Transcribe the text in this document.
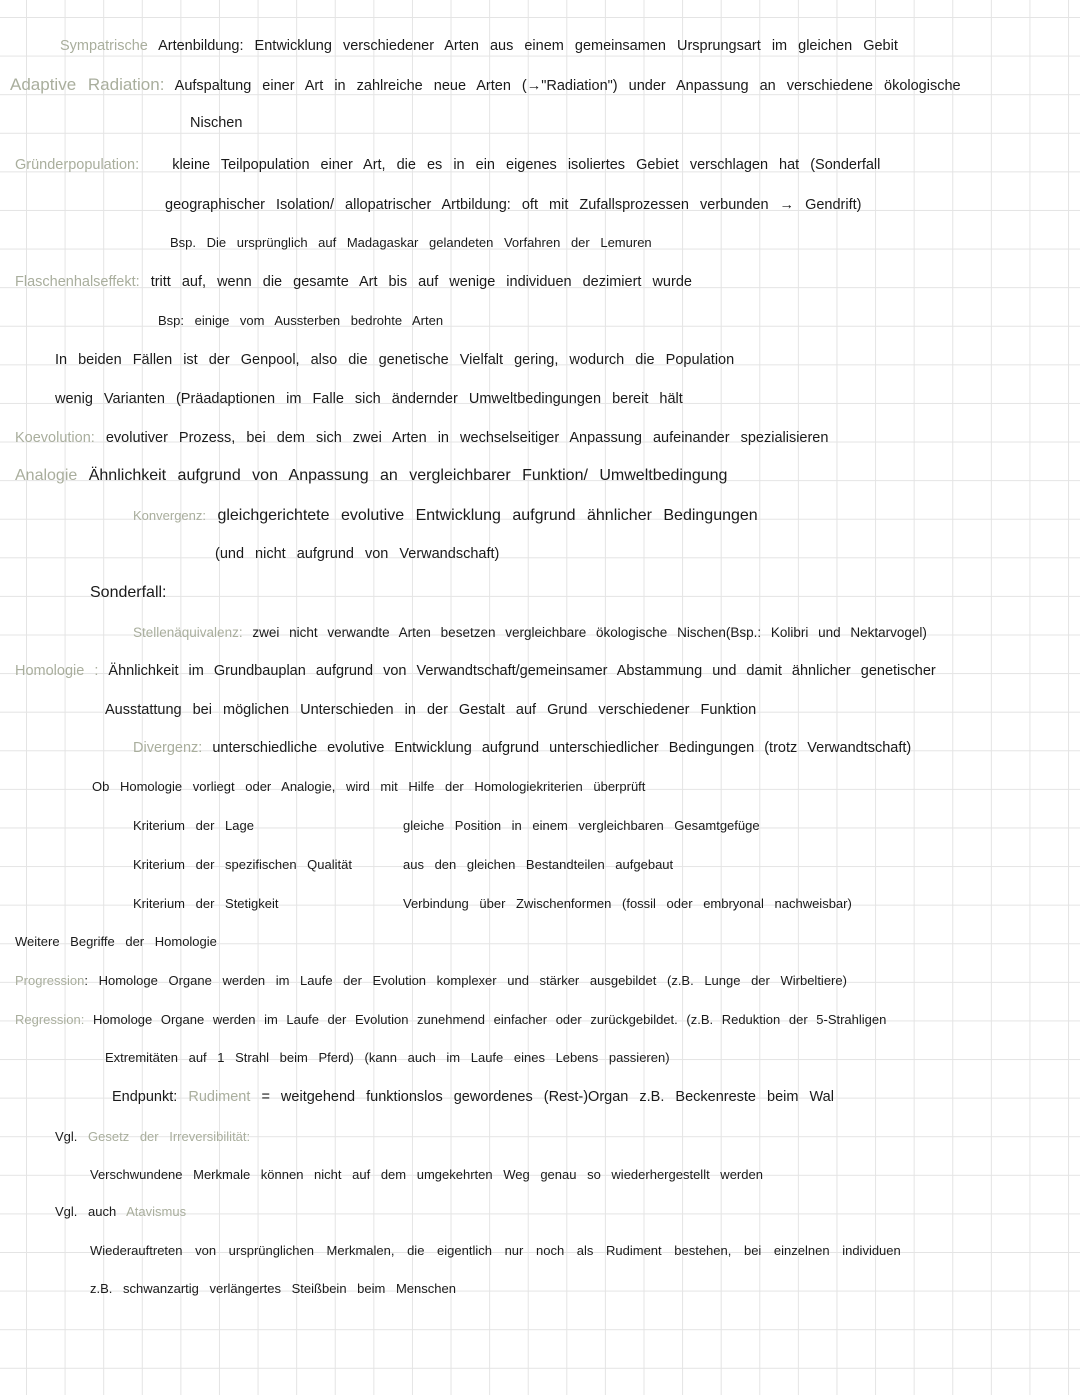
Sympatrische Artenbildung: Entwicklung verschiedener Arten aus einem gemeinsamen Ursprungsart im gleichen Gebit
Adaptive Radiation: Aufspaltung einer Art in zahlreiche neue Arten (→"Radiation") under Anpassung an verschiedene ökologische
Nischen
Gründerpopulation: kleine Teilpopulation einer Art, die es in ein eigenes isoliertes Gebiet verschlagen hat (Sonderfall
geographischer Isolation/ allopatrischer Artbildung: oft mit Zufallsprozessen verbunden → Gendrift)
Bsp. Die ursprünglich auf Madagaskar gelandeten Vorfahren der Lemuren
Flaschenhalseffekt: tritt auf, wenn die gesamte Art bis auf wenige individuen dezimiert wurde
Bsp: einige vom Aussterben bedrohte Arten
In beiden Fällen ist der Genpool, also die genetische Vielfalt gering, wodurch die Population
wenig Varianten (Präadaptionen im Falle sich ändernder Umweltbedingungen bereit hält
Koevolution: evolutiver Prozess, bei dem sich zwei Arten in wechselseitiger Anpassung aufeinander spezialisieren
Analogie Ähnlichkeit aufgrund von Anpassung an vergleichbarer Funktion/ Umweltbedingung
Konvergenz: gleichgerichtete evolutive Entwicklung aufgrund ähnlicher Bedingungen
(und nicht aufgrund von Verwandschaft)
Sonderfall:
Stellenäquivalenz: zwei nicht verwandte Arten besetzen vergleichbare ökologische Nischen(Bsp.: Kolibri und Nektarvogel)
Homologie : Ähnlichkeit im Grundbauplan aufgrund von Verwandtschaft/gemeinsamer Abstammung und damit ähnlicher genetischer
Ausstattung bei möglichen Unterschieden in der Gestalt auf Grund verschiedener Funktion
Divergenz: unterschiedliche evolutive Entwicklung aufgrund unterschiedlicher Bedingungen (trotz Verwandtschaft)
Ob Homologie vorliegt oder Analogie, wird mit Hilfe der Homologiekriterien überprüft
Kriterium der Lage	gleiche Position in einem vergleichbaren Gesamtgefüge
Kriterium der spezifischen Qualität	aus den gleichen Bestandteilen aufgebaut
Kriterium der Stetigkeit	Verbindung über Zwischenformen (fossil oder embryonal nachweisbar)
Weitere Begriffe der Homologie
Progression: Homologe Organe werden im Laufe der Evolution komplexer und stärker ausgebildet (z.B. Lunge der Wirbeltiere)
Regression: Homologe Organe werden im Laufe der Evolution zunehmend einfacher oder zurückgebildet. (z.B. Reduktion der 5-Strahligen
Extremitäten auf 1 Strahl beim Pferd) (kann auch im Laufe eines Lebens passieren)
Endpunkt: Rudiment = weitgehend funktionslos gewordenes (Rest-)Organ z.B. Beckenreste beim Wal
Vgl. Gesetz der Irreversibilität:
Verschwundene Merkmale können nicht auf dem umgekehrten Weg genau so wiederhergestellt werden
Vgl. auch Atavismus
Wiederauftreten von ursprünglichen Merkmalen, die eigentlich nur noch als Rudiment bestehen, bei einzelnen individuen
z.B. schwanzartig verlängertes Steißbein beim Menschen
